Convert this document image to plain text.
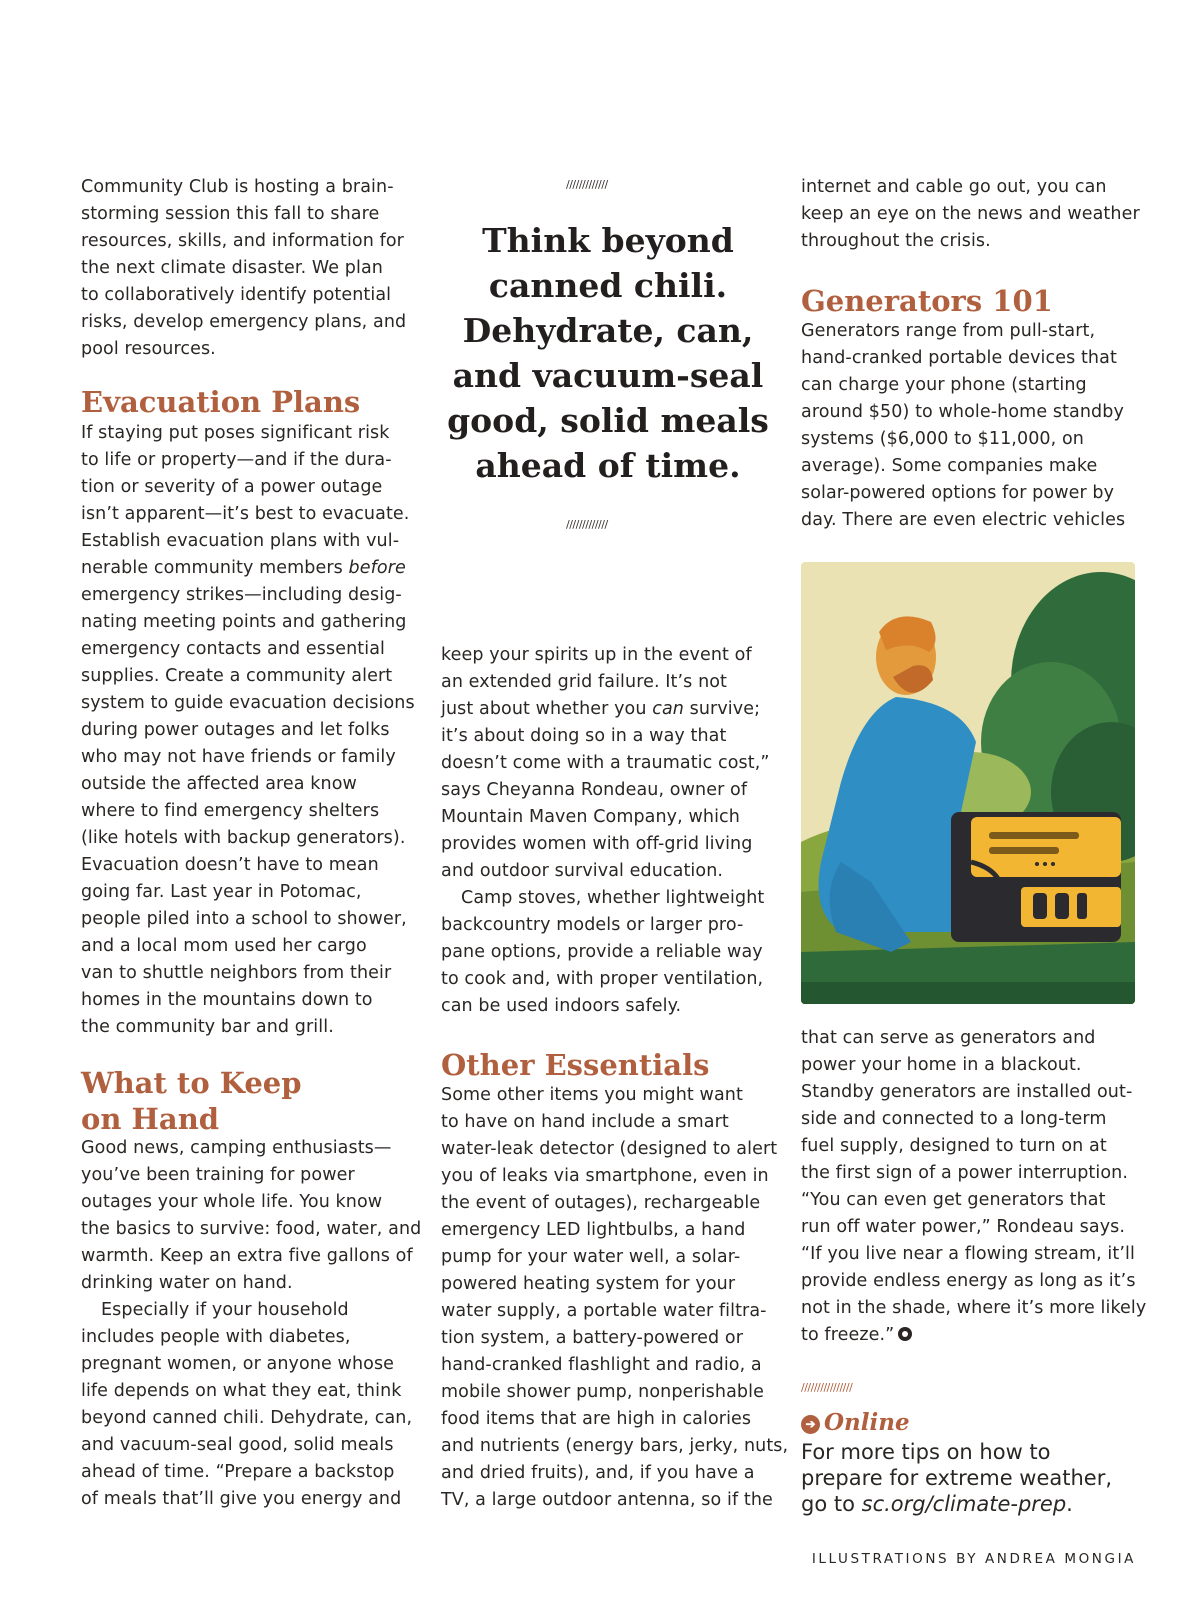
Community Club is hosting a brain-

storming session this fall to share

resources, skills, and information for

the next climate disaster. We plan

to collaboratively identify potential

risks, develop emergency plans, and

pool resources.

Evacuation Plans

If staying put poses significant risk

to life or property—and if the dura-

tion or severity of a power outage

isn’t apparent—it’s best to evacuate.

Establish evacuation plans with vul-

nerable community members before

emergency strikes—including desig-

nating meeting points and gathering

emergency contacts and essential

supplies. Create a community alert

system to guide evacuation decisions

during power outages and let folks

who may not have friends or family

outside the affected area know

where to find emergency shelters

(like hotels with backup generators).

Evacuation doesn’t have to mean

going far. Last year in Potomac,

people piled into a school to shower,

and a local mom used her cargo

van to shuttle neighbors from their

homes in the mountains down to

the community bar and grill.

What to Keep
on Hand

Good news, camping enthusiasts—

you’ve been training for power

outages your whole life. You know

the basics to survive: food, water, and

warmth. Keep an extra five gallons of

drinking water on hand.

Especially if your household

includes people with diabetes,

pregnant women, or anyone whose

life depends on what they eat, think

beyond canned chili. Dehydrate, can,

and vacuum-seal good, solid meals

ahead of time. “Prepare a backstop

of meals that’ll give you energy and

/////////////

Think beyond

canned chili.

Dehydrate, can,

and vacuum-seal

good, solid meals

ahead of time.

/////////////

keep your spirits up in the event of

an extended grid failure. It’s not

just about whether you can survive;

it’s about doing so in a way that

doesn’t come with a traumatic cost,”

says Cheyanna Rondeau, owner of

Mountain Maven Company, which

provides women with off-grid living

and outdoor survival education.

Camp stoves, whether lightweight

backcountry models or larger pro-

pane options, provide a reliable way

to cook and, with proper ventilation,

can be used indoors safely.

Other Essentials

Some other items you might want

to have on hand include a smart

water-leak detector (designed to alert

you of leaks via smartphone, even in

the event of outages), rechargeable

emergency LED lightbulbs, a hand

pump for your water well, a solar-

powered heating system for your

water supply, a portable water filtra-

tion system, a battery-powered or

hand-cranked flashlight and radio, a

mobile shower pump, nonperishable

food items that are high in calories

and nutrients (energy bars, jerky, nuts,

and dried fruits), and, if you have a

TV, a large outdoor antenna, so if the

internet and cable go out, you can

keep an eye on the news and weather

throughout the crisis.

Generators 101

Generators range from pull-start,

hand-cranked portable devices that

can charge your phone (starting

around $50) to whole-home standby

systems ($6,000 to $11,000, on

average). Some companies make

solar-powered options for power by

day. There are even electric vehicles

that can serve as generators and

power your home in a blackout.

Standby generators are installed out-

side and connected to a long-term

fuel supply, designed to turn on at

the first sign of a power interruption.

“You can even get generators that

run off water power,” Rondeau says.

“If you live near a flowing stream, it’ll

provide endless energy as long as it’s

not in the shade, where it’s more likely

to freeze.”

////////////////
➔ Online

For more tips on how to

prepare for extreme weather,

go to sc.org/climate-prep.

ILLUSTRATIONS BY ANDREA MONGIA
